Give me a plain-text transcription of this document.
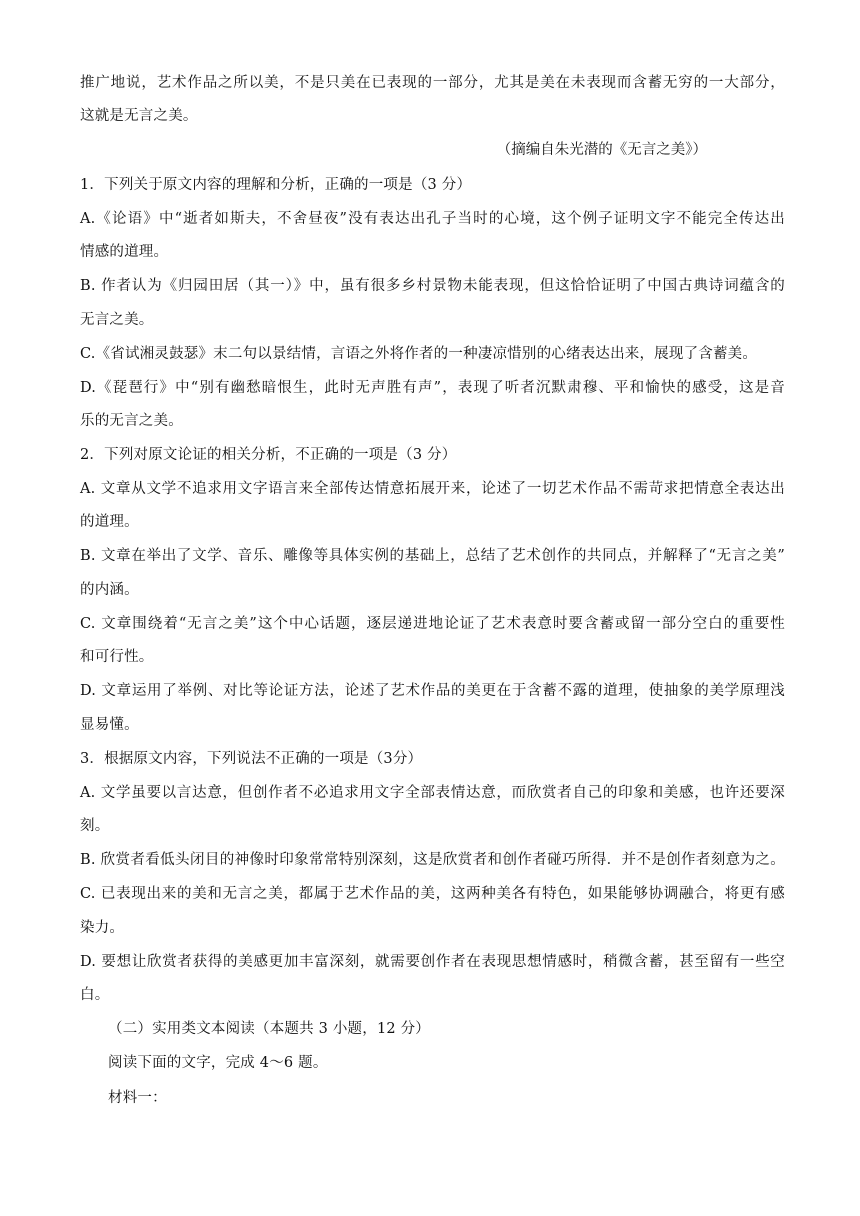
推广地说，艺术作品之所以美，不是只美在已表现的一部分，尤其是美在未表现而含蓄无穷的一大部分，
这就是无言之美。
（摘编自朱光潜的《无言之美》）
1．下列关于原文内容的理解和分析，正确的一项是（3 分）
A.《论语》中“逝者如斯夫，不舍昼夜”没有表达出孔子当时的心境，这个例子证明文字不能完全传达出
情感的道理。
B. 作者认为《归园田居（其一）》中，虽有很多乡村景物未能表现，但这恰恰证明了中国古典诗词蕴含的
无言之美。
C.《省试湘灵鼓瑟》末二句以景结情，言语之外将作者的一种凄凉惜别的心绪表达出来，展现了含蓄美。
D.《琵琶行》中“别有幽愁暗恨生，此时无声胜有声”，表现了听者沉默肃穆、平和愉快的感受，这是音
乐的无言之美。
2．下列对原文论证的相关分析，不正确的一项是（3 分）
A. 文章从文学不追求用文字语言来全部传达情意拓展开来，论述了一切艺术作品不需苛求把情意全表达出
的道理。
B. 文章在举出了文学、音乐、雕像等具体实例的基础上，总结了艺术创作的共同点，并解释了“无言之美”
的内涵。
C. 文章围绕着“无言之美”这个中心话题，逐层递进地论证了艺术表意时要含蓄或留一部分空白的重要性
和可行性。
D. 文章运用了举例、对比等论证方法，论述了艺术作品的美更在于含蓄不露的道理，使抽象的美学原理浅
显易懂。
3．根据原文内容，下列说法不正确的一项是（3分）
A. 文学虽要以言达意，但创作者不必追求用文字全部表情达意，而欣赏者自己的印象和美感，也许还要深
刻。
B. 欣赏者看低头闭目的神像时印象常常特别深刻，这是欣赏者和创作者碰巧所得．并不是创作者刻意为之。
C. 已表现出来的美和无言之美，都属于艺术作品的美，这两种美各有特色，如果能够协调融合，将更有感
染力。
D. 要想让欣赏者获得的美感更加丰富深刻，就需要创作者在表现思想情感时，稍微含蓄，甚至留有一些空
白。
（二）实用类文本阅读（本题共 3 小题，12 分）
阅读下面的文字，完成 4～6 题。
材料一：
